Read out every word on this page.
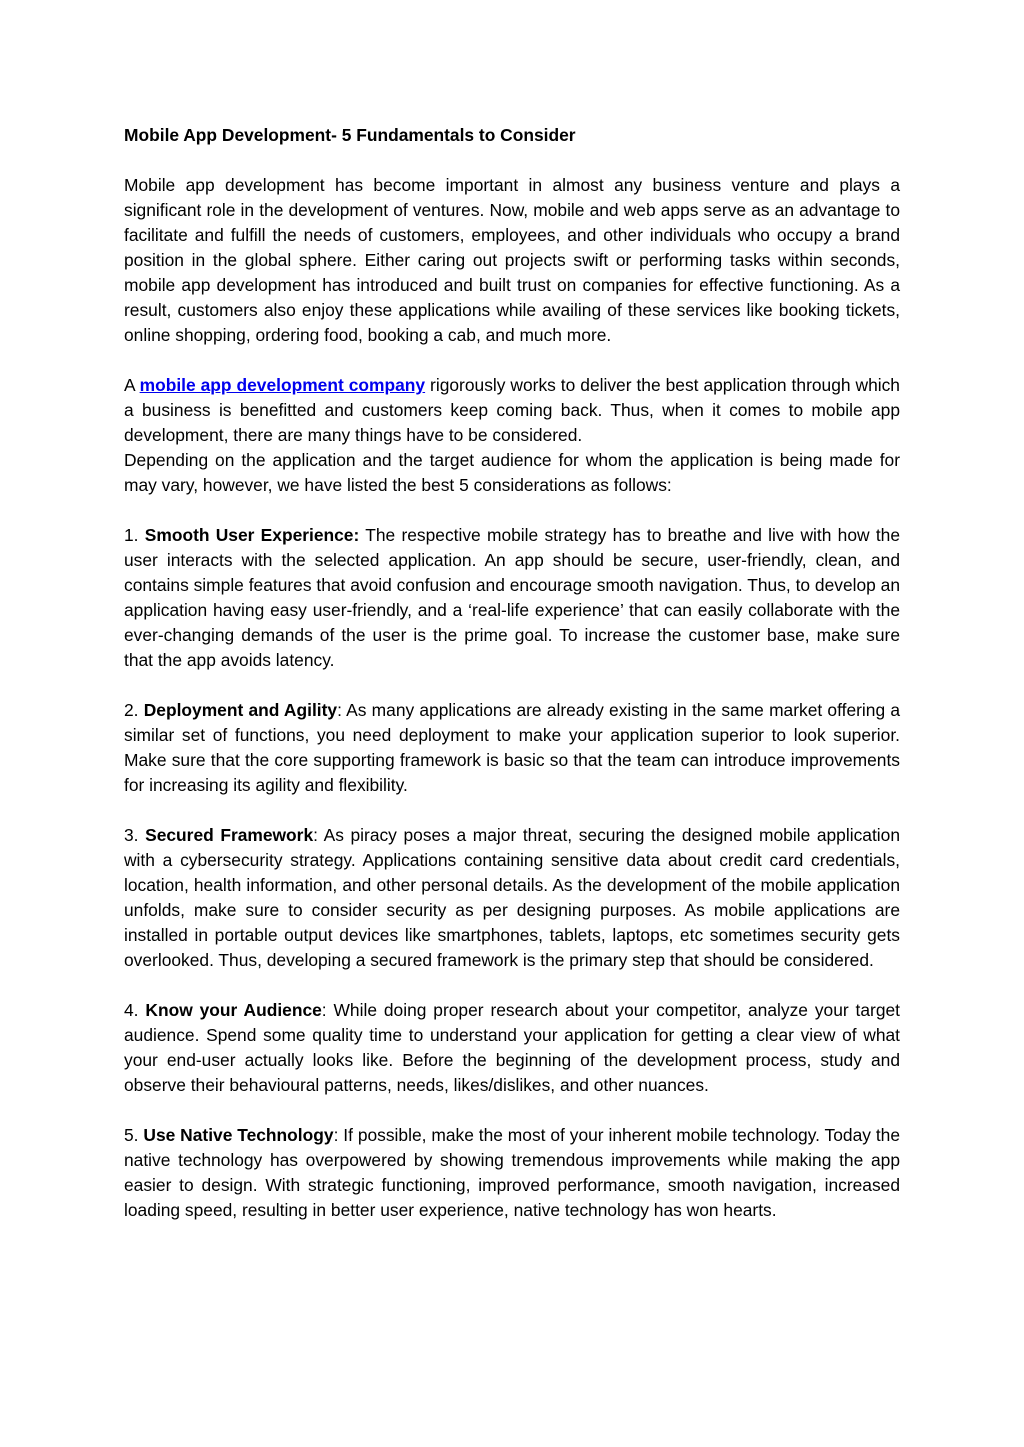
Mobile App Development- 5 Fundamentals to Consider

Mobile app development has become important in almost any business venture and plays a significant role in the development of ventures. Now, mobile and web apps serve as an advantage to facilitate and fulfill the needs of customers, employees, and other individuals who occupy a brand position in the global sphere. Either caring out projects swift or performing tasks within seconds, mobile app development has introduced and built trust on companies for effective functioning. As a result, customers also enjoy these applications while availing of these services like booking tickets, online shopping, ordering food, booking a cab, and much more.

A mobile app development company rigorously works to deliver the best application through which a business is benefitted and customers keep coming back. Thus, when it comes to mobile app development, there are many things have to be considered.

Depending on the application and the target audience for whom the application is being made for may vary, however, we have listed the best 5 considerations as follows:

1. Smooth User Experience: The respective mobile strategy has to breathe and live with how the user interacts with the selected application. An app should be secure, user-friendly, clean, and contains simple features that avoid confusion and encourage smooth navigation. Thus, to develop an application having easy user-friendly, and a ‘real-life experience’ that can easily collaborate with the ever-changing demands of the user is the prime goal. To increase the customer base, make sure that the app avoids latency.

2. Deployment and Agility: As many applications are already existing in the same market offering a similar set of functions, you need deployment to make your application superior to look superior. Make sure that the core supporting framework is basic so that the team can introduce improvements for increasing its agility and flexibility.

3. Secured Framework: As piracy poses a major threat, securing the designed mobile application with a cybersecurity strategy. Applications containing sensitive data about credit card credentials, location, health information, and other personal details. As the development of the mobile application unfolds, make sure to consider security as per designing purposes. As mobile applications are installed in portable output devices like smartphones, tablets, laptops, etc sometimes security gets overlooked. Thus, developing a secured framework is the primary step that should be considered.

4. Know your Audience: While doing proper research about your competitor, analyze your target audience. Spend some quality time to understand your application for getting a clear view of what your end-user actually looks like. Before the beginning of the development process, study and observe their behavioural patterns, needs, likes/dislikes, and other nuances.

5. Use Native Technology: If possible, make the most of your inherent mobile technology. Today the native technology has overpowered by showing tremendous improvements while making the app easier to design. With strategic functioning, improved performance, smooth navigation, increased loading speed, resulting in better user experience, native technology has won hearts.
